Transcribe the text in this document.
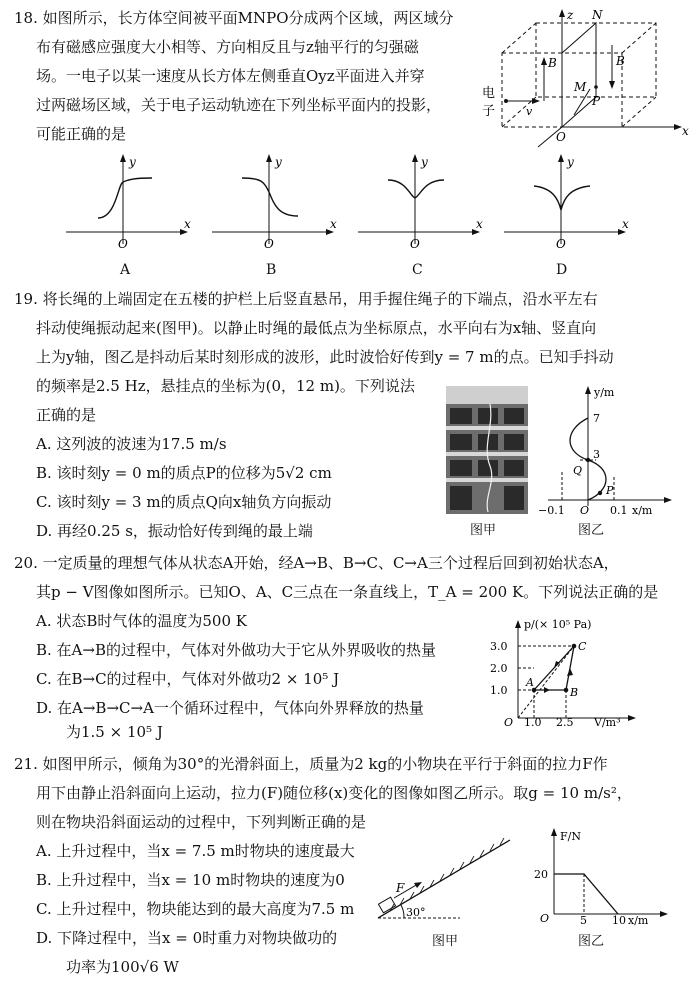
18. 如图所示，长方体空间被平面MNPO分成两个区域，两区域分
布有磁感应强度大小相等、方向相反且与z轴平行的匀强磁
场。一电子以某一速度从长方体左侧垂直Oyz平面进入并穿
过两磁场区域，关于电子运动轨迹在下列坐标平面内的投影，
可能正确的是
z N
B	B
M
P
O	x
v
电
子
y
x
O
A
y
x
O
B
y
x
O
C
y
x
O
D
19. 将长绳的上端固定在五楼的护栏上后竖直悬吊，用手握住绳子的下端点，沿水平左右
抖动使绳振动起来(图甲)。以静止时绳的最低点为坐标原点，水平向右为x轴、竖直向
上为y轴，图乙是抖动后某时刻形成的波形，此时波恰好传到y = 7 m的点。已知手抖动
的频率是2.5 Hz，悬挂点的坐标为(0，12 m)。下列说法
正确的是
A. 这列波的波速为17.5 m/s
B. 该时刻y = 0 m的质点P的位移为5√2 cm
C. 该时刻y = 3 m的质点Q向x轴负方向振动
D. 再经0.25 s，振动恰好传到绳的最上端	图甲
y/m
7
3
Q
P
O
−0.1	0.1 x/m
图乙
20. 一定质量的理想气体从状态A开始，经A→B、B→C、C→A三个过程后回到初始状态A，
其p − V图像如图所示。已知O、A、C三点在一条直线上，T_A = 200 K。下列说法正确的是
A. 状态B时气体的温度为500 K
B. 在A→B的过程中，气体对外做功大于它从外界吸收的热量
C. 在B→C的过程中，气体对外做功2 × 10⁵ J
D. 在A→B→C→A一个循环过程中，气体向外界释放的热量
为1.5 × 10⁵ J
p/(× 10⁵ Pa)
3.0
2.0
1.0
1.0 2.5
O	V/m³
A
B
C
21. 如图甲所示，倾角为30°的光滑斜面上，质量为2 kg的小物块在平行于斜面的拉力F作
用下由静止沿斜面向上运动，拉力(F)随位移(x)变化的图像如图乙所示。取g = 10 m/s²，
则在物块沿斜面运动的过程中，下列判断正确的是
A. 上升过程中，当x = 7.5 m时物块的速度最大
B. 上升过程中，当x = 10 m时物块的速度为0
C. 上升过程中，物块能达到的最大高度为7.5 m
D. 下降过程中，当x = 0时重力对物块做功的
功率为100√6 W
F
30°
图甲
F/N
20
O	5 10 x/m
图乙
